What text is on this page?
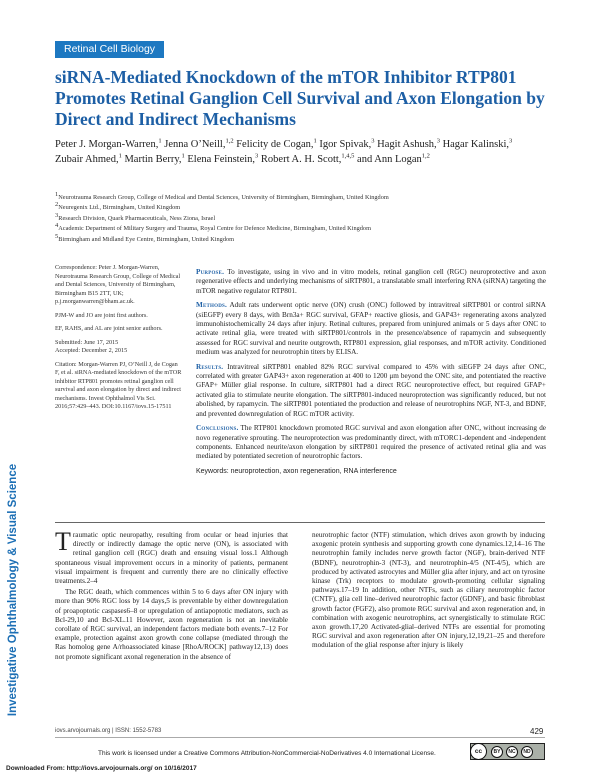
Investigative Ophthalmology & Visual Science
Retinal Cell Biology
siRNA-Mediated Knockdown of the mTOR Inhibitor RTP801 Promotes Retinal Ganglion Cell Survival and Axon Elongation by Direct and Indirect Mechanisms
Peter J. Morgan-Warren,$^1$ Jenna O’Neill,$^{1,2}$ Felicity de Cogan,$^1$ Igor Spivak,$^3$ Hagit Ashush,$^3$ Hagar Kalinski,$^3$ Zubair Ahmed,$^1$ Martin Berry,$^1$ Elena Feinstein,$^3$ Robert A. H. Scott,$^{1,4,5}$ and Ann Logan$^{1,2}$
$^1$Neurotrauma Research Group, College of Medical and Dental Sciences, University of Birmingham, Birmingham, United Kingdom
$^2$Neuregenix Ltd., Birmingham, United Kingdom
$^3$Research Division, Quark Pharmaceuticals, Ness Ziona, Israel
$^4$Academic Department of Military Surgery and Trauma, Royal Centre for Defence Medicine, Birmingham, United Kingdom
$^5$Birmingham and Midland Eye Centre, Birmingham, United Kingdom

Correspondence: Peter J. Morgan-Warren, Neurotrauma Research Group, College of Medical and Dental Sciences, University of Birmingham, Birmingham B15 2TT, UK; p.j.morganwarren@bham.ac.uk.

PJM-W and JO are joint first authors.

EF, RAHS, and AL are joint senior authors.

Submitted: June 17, 2015
Accepted: December 2, 2015

Citation: Morgan-Warren PJ, O’Neill J, de Cogan F, et al. siRNA-mediated knockdown of the mTOR inhibitor RTP801 promotes retinal ganglion cell survival and axon elongation by direct and indirect mechanisms. Invest Ophthalmol Vis Sci. 2016;57:429–443. DOI:10.1167/iovs.15-17511

Purpose. To investigate, using in vivo and in vitro models, retinal ganglion cell (RGC) neuroprotective and axon regenerative effects and underlying mechanisms of siRTP801, a translatable small interfering RNA (siRNA) targeting the mTOR negative regulator RTP801.

Methods. Adult rats underwent optic nerve (ON) crush (ONC) followed by intravitreal siRTP801 or control siRNA (siEGFP) every 8 days, with Brn3a+ RGC survival, GFAP+ reactive gliosis, and GAP43+ regenerating axons analyzed immunohistochemically 24 days after injury. Retinal cultures, prepared from uninjured animals or 5 days after ONC to activate retinal glia, were treated with siRTP801/controls in the presence/absence of rapamycin and subsequently assessed for RGC survival and neurite outgrowth, RTP801 expression, glial responses, and mTOR activity. Conditioned medium was analyzed for neurotrophin titers by ELISA.

Results. Intravitreal siRTP801 enabled 82% RGC survival compared to 45% with siEGFP 24 days after ONC, correlated with greater GAP43+ axon regeneration at 400 to 1200 μm beyond the ONC site, and potentiated the reactive GFAP+ Müller glial response. In culture, siRTP801 had a direct RGC neuroprotective effect, but required GFAP+ activated glia to stimulate neurite elongation. The siRTP801-induced neuroprotection was significantly reduced, but not abolished, by rapamycin. The siRTP801 potentiated the production and release of neurotrophins NGF, NT-3, and BDNF, and prevented downregulation of RGC mTOR activity.

Conclusions. The RTP801 knockdown promoted RGC survival and axon elongation after ONC, without increasing de novo regenerative sprouting. The neuroprotection was predominantly direct, with mTORC1-dependent and -independent components. Enhanced neurite/axon elongation by siRTP801 required the presence of activated retinal glia and was mediated by potentiated secretion of neurotrophic factors.

Keywords: neuroprotection, axon regeneration, RNA interference

Traumatic optic neuropathy, resulting from ocular or head injuries that directly or indirectly damage the optic nerve (ON), is associated with retinal ganglion cell (RGC) death and ensuing visual loss.1 Although spontaneous visual improvement occurs in a minority of patients, permanent visual impairment is frequent and currently there are no clinically effective treatments.2–4

The RGC death, which commences within 5 to 6 days after ON injury with more than 90% RGC loss by 14 days,5 is preventable by either downregulation of proapoptotic caspases6–8 or upregulation of antiapoptotic mediators, such as Bcl-29,10 and Bcl-XL.11 However, axon regeneration is not an inevitable corollate of RGC survival, an independent factors mediate both events.7–12 For example, protection against axon growth cone collapse (mediated through the Ras homolog gene A/rhoassociated kinase [RhoA/ROCK] pathway12,13) does not promote significant axonal regeneration in the absence of

neurotrophic factor (NTF) stimulation, which drives axon growth by inducing axogenic protein synthesis and supporting growth cone dynamics.12,14–16 The neurotrophin family includes nerve growth factor (NGF), brain-derived NTF (BDNF), neurotrophin-3 (NT-3), and neurotrophin-4/5 (NT-4/5), which are produced by activated astrocytes and Müller glia after injury, and act on tyrosine kinase (Trk) receptors to modulate growth-promoting cellular signaling pathways.17–19 In addition, other NTFs, such as ciliary neurotrophic factor (CNTF), glia cell line–derived neurotrophic factor (GDNF), and basic fibroblast growth factor (FGF2), also promote RGC survival and axon regeneration and, in combination with axogenic neurotrophins, act synergistically to stimulate RGC axon growth.17,20 Activated-glial–derived NTFs are essential for promoting RGC survival and axon regeneration after ON injury,12,19,21–25 and therefore modulation of the glial response after injury is likely

iovs.arvojournals.org | ISSN: 1552-5783	429
This work is licensed under a Creative Commons Attribution-NonCommercial-NoDerivatives 4.0 International License.	cc	BY	NC	ND
Downloaded From: http://iovs.arvojournals.org/ on 10/16/2017
